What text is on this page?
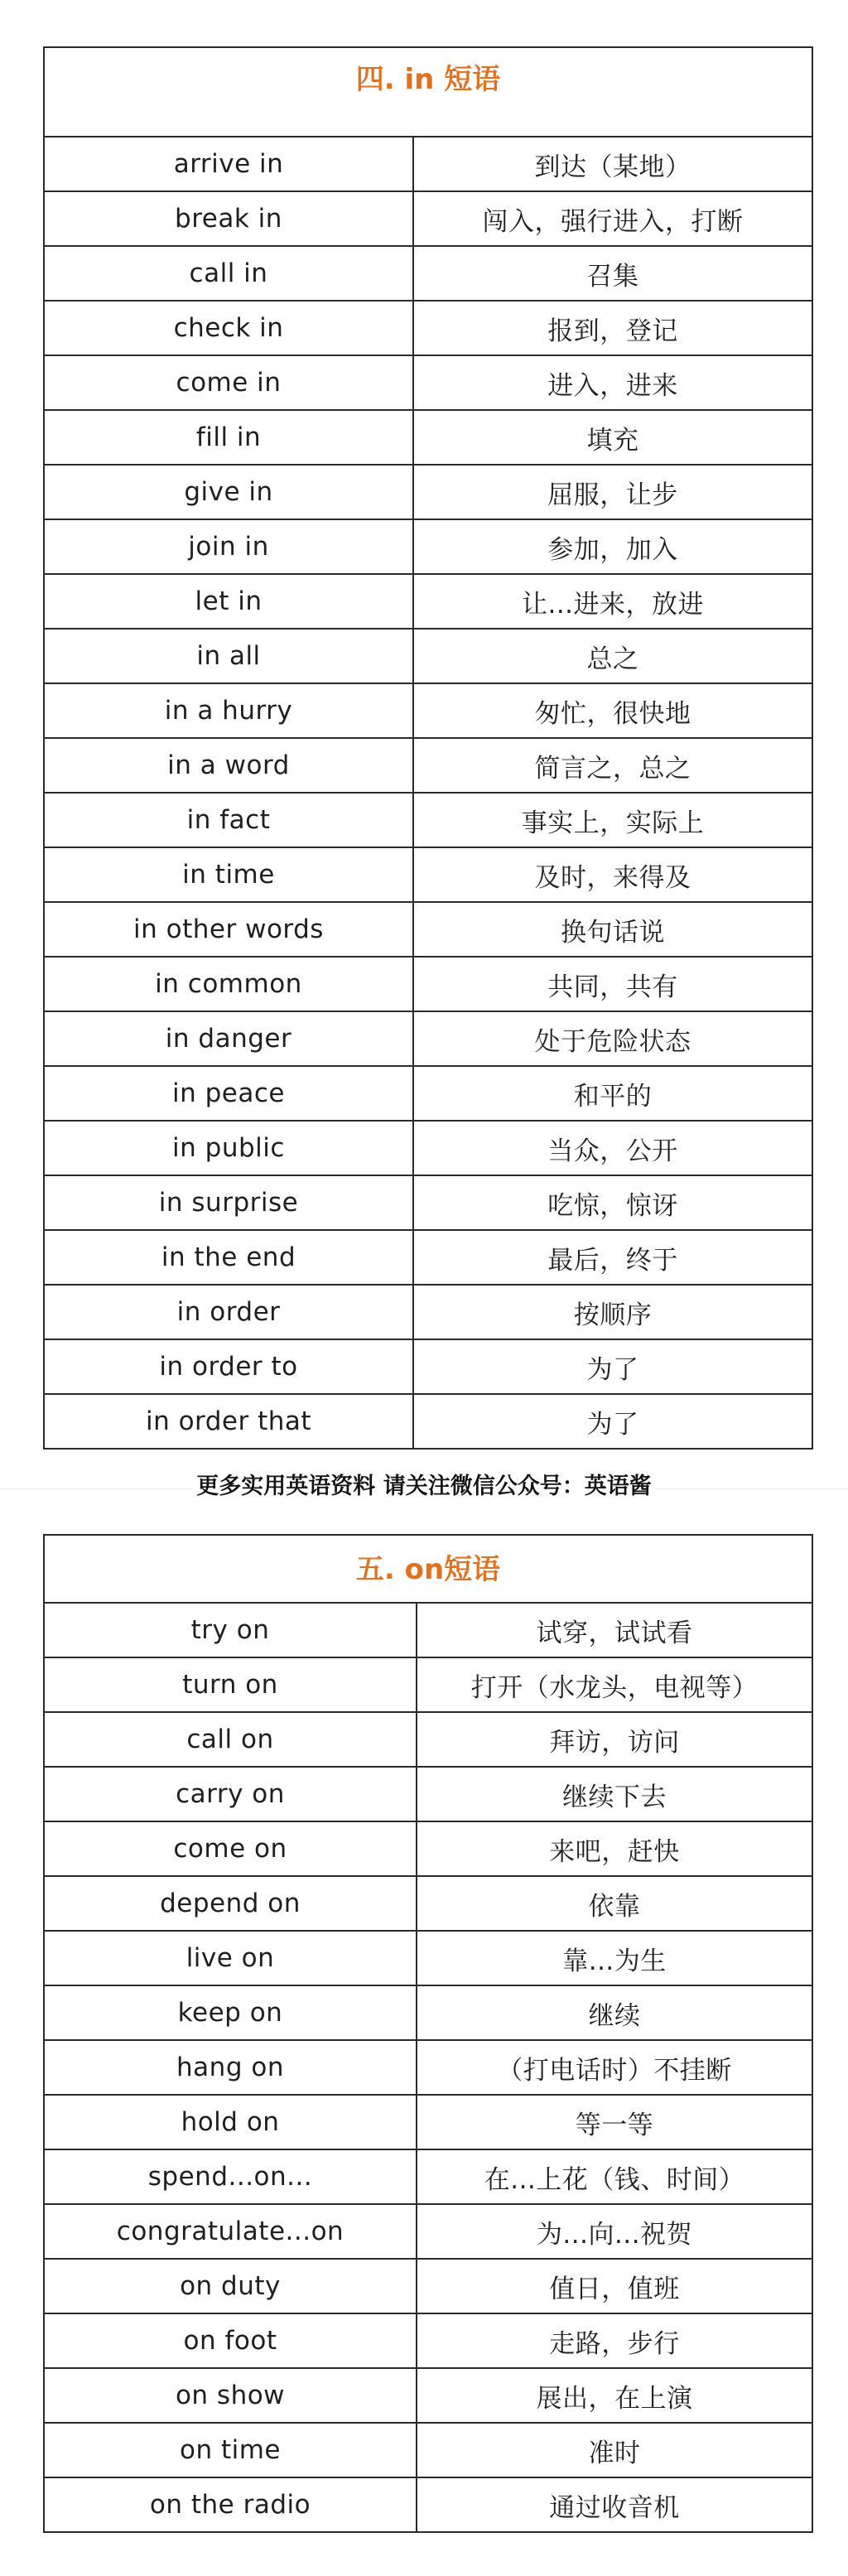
四. in 短语
arrive in	到达（某地）
break in	闯入，强行进入，打断
call in	召集
check in	报到，登记
come in	进入，进来
fill in	填充
give in	屈服，让步
join in	参加，加入
let in	让...进来，放进
in all	总之
in a hurry	匆忙，很快地
in a word	简言之，总之
in fact	事实上，实际上
in time	及时，来得及
in other words	换句话说
in common	共同，共有
in danger	处于危险状态
in peace	和平的
in public	当众，公开
in surprise	吃惊，惊讶
in the end	最后，终于
in order	按顺序
in order to	为了
in order that	为了
更多实用英语资料 请关注微信公众号：英语酱
五. on短语
try on	试穿，试试看
turn on	打开（水龙头，电视等）
call on	拜访，访问
carry on	继续下去
come on	来吧，赶快
depend on	依靠
live on	靠...为生
keep on	继续
hang on	（打电话时）不挂断
hold on	等一等
spend...on...	在...上花（钱、时间）
congratulate...on	为...向...祝贺
on duty	值日，值班
on foot	走路，步行
on show	展出，在上演
on time	准时
on the radio	通过收音机
